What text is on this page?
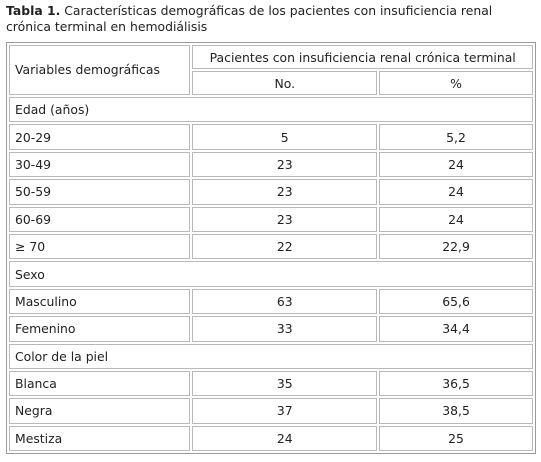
Tabla 1. Características demográficas de los pacientes con insuficiencia renal crónica terminal en hemodiálisis
Variables demográficas	Pacientes con insuficiencia renal crónica terminal	
	No.	%
Edad (años)		
20-29	5	5,2
30-49	23	24
50-59	23	24
60-69	23	24
≥ 70	22	22,9
Sexo		
Masculino	63	65,6
Femenino	33	34,4
Color de la piel		
Blanca	35	36,5
Negra	37	38,5
Mestiza	24	25
